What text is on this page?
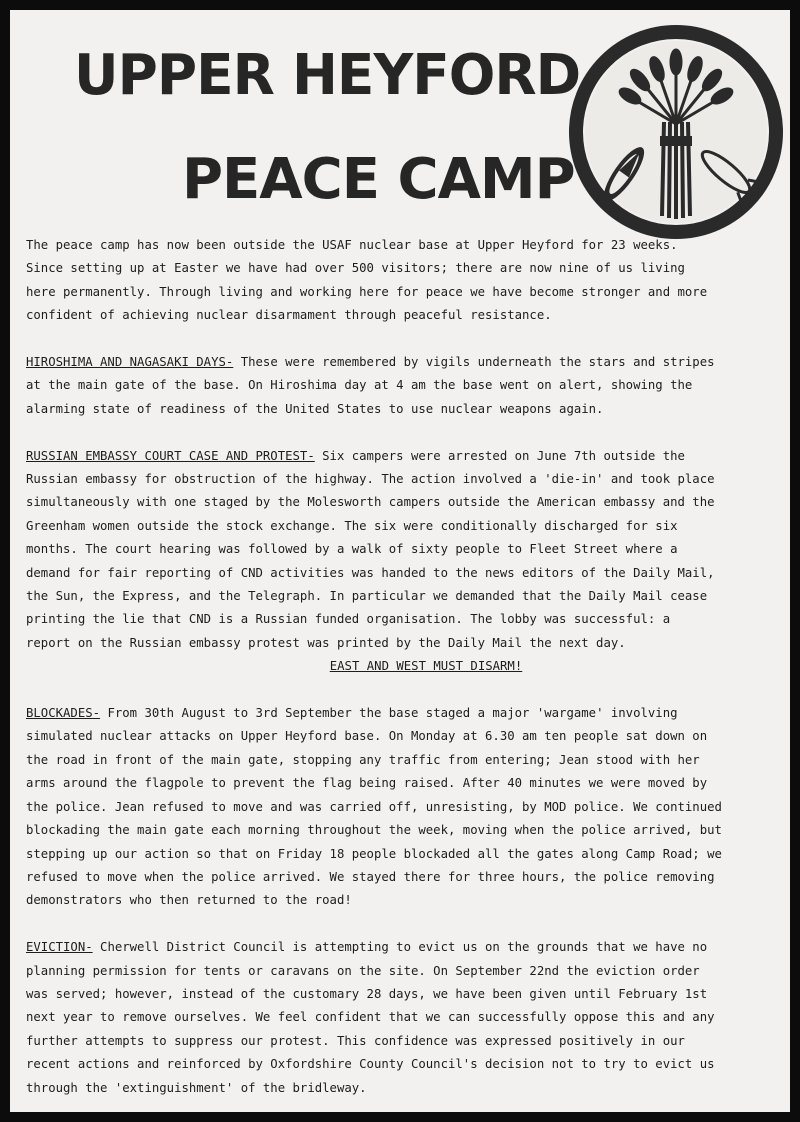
UPPER HEYFORD
PEACE CAMP

The peace camp has now been outside the USAF nuclear base at Upper Heyford for 23 weeks.

Since setting up at Easter we have had over 500 visitors; there are now nine of us living

here permanently. Through living and working here for peace we have become stronger and more

confident of achieving nuclear disarmament through peaceful resistance.

HIROSHIMA AND NAGASAKI DAYS- These were remembered by vigils underneath the stars and stripes

at the main gate of the base. On Hiroshima day at 4 am the base went on alert, showing the

alarming state of readiness of the United States to use nuclear weapons again.

RUSSIAN EMBASSY COURT CASE AND PROTEST- Six campers were arrested on June 7th outside the

Russian embassy for obstruction of the highway. The action involved a 'die-in' and took place

simultaneously with one staged by the Molesworth campers outside the American embassy and the

Greenham women outside the stock exchange. The six were conditionally discharged for six

months. The court hearing was followed by a walk of sixty people to Fleet Street where a

demand for fair reporting of CND activities was handed to the news editors of the Daily Mail,

the Sun, the Express, and the Telegraph. In particular we demanded that the Daily Mail cease

printing the lie that CND is a Russian funded organisation. The lobby was successful: a

report on the Russian embassy protest was printed by the Daily Mail the next day.

EAST AND WEST MUST DISARM!

BLOCKADES- From 30th August to 3rd September the base staged a major 'wargame' involving

simulated nuclear attacks on Upper Heyford base. On Monday at 6.30 am ten people sat down on

the road in front of the main gate, stopping any traffic from entering; Jean stood with her

arms around the flagpole to prevent the flag being raised. After 40 minutes we were moved by

the police. Jean refused to move and was carried off, unresisting, by MOD police. We continued

blockading the main gate each morning throughout the week, moving when the police arrived, but

stepping up our action so that on Friday 18 people blockaded all the gates along Camp Road; we

refused to move when the police arrived. We stayed there for three hours, the police removing

demonstrators who then returned to the road!

EVICTION- Cherwell District Council is attempting to evict us on the grounds that we have no

planning permission for tents or caravans on the site. On September 22nd the eviction order

was served; however, instead of the customary 28 days, we have been given until February 1st

next year to remove ourselves. We feel confident that we can successfully oppose this and any

further attempts to suppress our protest. This confidence was expressed positively in our

recent actions and reinforced by Oxfordshire County Council's decision not to try to evict us

through the 'extinguishment' of the bridleway.
